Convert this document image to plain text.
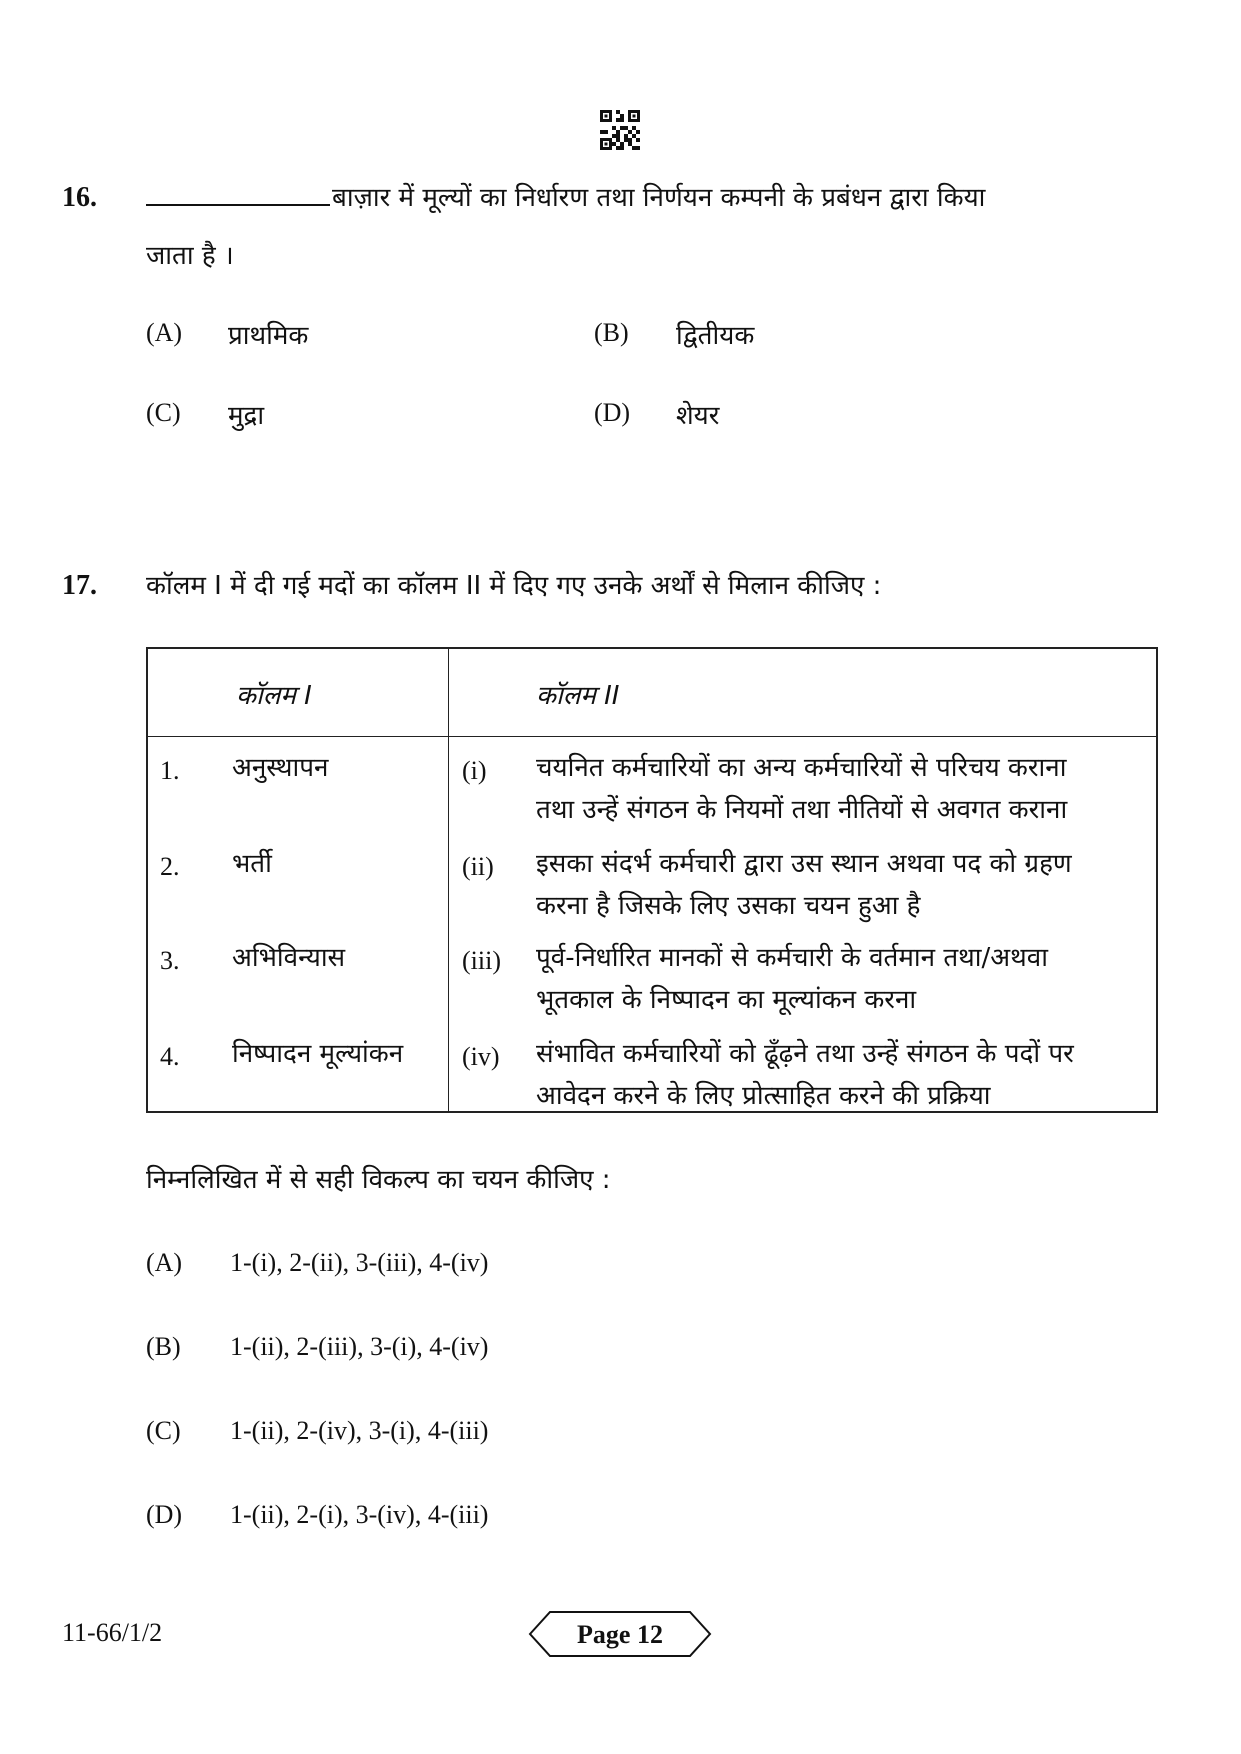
16.	बाज़ार में मूल्यों का निर्धारण तथा निर्णयन कम्पनी के प्रबंधन द्वारा किया
जाता है ।
(A) प्राथमिक	(B) द्वितीयक
(C) मुद्रा	(D) शेयर
17. कॉलम I में दी गई मदों का कॉलम II में दिए गए उनके अर्थों से मिलान कीजिए :
कॉलम I	कॉलम II
1. अनुस्थापन	(i) चयनित कर्मचारियों का अन्य कर्मचारियों से परिचय कराना
तथा उन्हें संगठन के नियमों तथा नीतियों से अवगत कराना
2. भर्ती	(ii) इसका संदर्भ कर्मचारी द्वारा उस स्थान अथवा पद को ग्रहण
करना है जिसके लिए उसका चयन हुआ है
3. अभिविन्यास	(iii) पूर्व-निर्धारित मानकों से कर्मचारी के वर्तमान तथा/अथवा
भूतकाल के निष्पादन का मूल्यांकन करना
4. निष्पादन मूल्यांकन (iv) संभावित कर्मचारियों को ढूँढ़ने तथा उन्हें संगठन के पदों पर
आवेदन करने के लिए प्रोत्साहित करने की प्रक्रिया
निम्नलिखित में से सही विकल्प का चयन कीजिए :
(A) 1-(i), 2-(ii), 3-(iii), 4-(iv)
(B) 1-(ii), 2-(iii), 3-(i), 4-(iv)
(C) 1-(ii), 2-(iv), 3-(i), 4-(iii)
(D) 1-(ii), 2-(i), 3-(iv), 4-(iii)
11-66/1/2	Page 12
